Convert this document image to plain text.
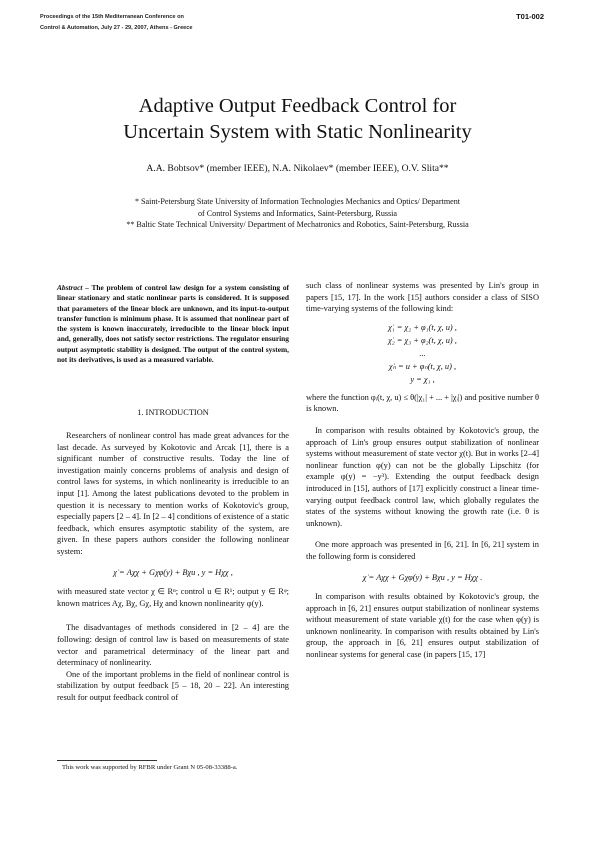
Proceedings of the 15th Mediterranean Conference on
Control & Automation, July 27 - 29, 2007, Athens - Greece
T01-002
Adaptive Output Feedback Control for
Uncertain System with Static Nonlinearity
A.A. Bobtsov* (member IEEE), N.A. Nikolaev* (member IEEE), O.V. Slita**
* Saint-Petersburg State University of Information Technologies Mechanics and Optics/ Department
of Control Systems and Informatics, Saint-Petersburg, Russia
** Baltic State Technical University/ Department of Mechatronics and Robotics, Saint-Petersburg, Russia
Abstract – The problem of control law design for a system consisting of linear stationary and static nonlinear parts is considered. It is supposed that parameters of the linear block are unknown, and its input-to-output transfer function is minimum phase. It is assumed that nonlinear part of the system is known inaccurately, irreducible to the linear block input and, generally, does not satisfy sector restrictions. The regulator ensuring output asymptotic stability is designed. The output of the control system, not its derivatives, is used as a measured variable.
1. INTRODUCTION

Researchers of nonlinear control has made great advances for the last decade. As surveyed by Kokotovic and Arcak [1], there is a significant number of constructive results. Today the line of investigation mainly concerns problems of analysis and design of control laws for systems, in which nonlinearity is irreducible to an input [1]. Among the latest publications devoted to the problem in question it is necessary to mention works of Kokotovic's group, especially papers [2 – 4]. In [2 – 4] conditions of existence of a static feedback, which ensures asymptotic stability of the system, are given. In these papers authors consider the following nonlinear system:

χ̇ = Aχχ + Gχφ(y) + Bχu , y = Hχχ ,

with measured state vector χ ∈ Rⁿ; control u ∈ R¹; output y ∈ Rᵠ; known matrices Aχ, Bχ, Gχ, Hχ and known nonlinearity φ(y).

The disadvantages of methods considered in [2 – 4] are the following: design of control law is based on measurements of state vector and parametrical determinacy of the linear part and determinacy of nonlinearity.

One of the important problems in the field of nonlinear control is stabilization by output feedback [5 – 18, 20 – 22]. An interesting result for output feedback control of

such class of nonlinear systems was presented by Lin's group in papers [15, 17]. In the work [15] authors consider a class of SISO time-varying systems of the following kind:

χ̇₁ = χ₂ + φ₁(t, χ, u) ,
χ̇₂ = χ₃ + φ₂(t, χ, u) ,
...
χ̇ₙ = u + φₙ(t, χ, u) ,
y = χ₁ ,

where the function φᵢ(t, χ, u) ≤ θ(|χ₁| + ... + |χᵢ|) and positive number θ is known.

In comparison with results obtained by Kokotovic's group, the approach of Lin's group ensures output stabilization of nonlinear systems without measurement of state vector χ(t). But in works [2–4] nonlinear function φ(y) can not be the globally Lipschitz (for example φ(y) = −y³). Extending the output feedback design introduced in [15], authors of [17] explicitly construct a linear time-varying output feedback control law, which globally regulates the states of the systems without knowing the growth rate (i.e. θ is unknown).

One more approach was presented in [6, 21]. In [6, 21] system in the following form is considered

χ̇ = Aχχ + Gχφ(y) + Bχu , y = Hχχ .

In comparison with results obtained by Kokotovic's group, the approach in [6, 21] ensures output stabilization of nonlinear systems without measurement of state variable χ(t) for the case when φ(y) is unknown nonlinearity. In comparison with results obtained by Lin's group, the approach in [6, 21] ensures output stabilization of nonlinear systems for general case (in papers [15, 17]

This work was supported by RFBR under Grant N 05-08-33388-a.
